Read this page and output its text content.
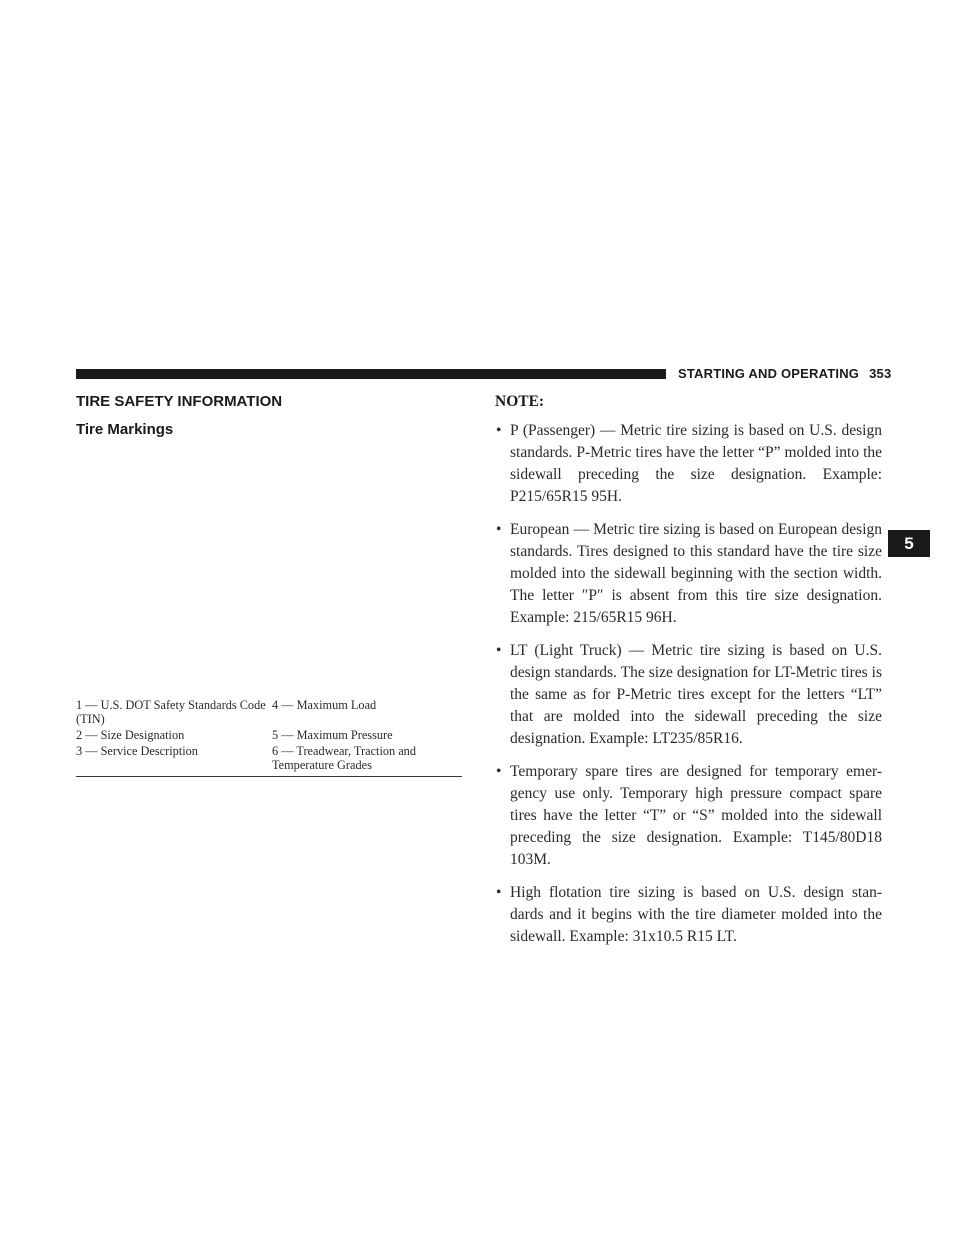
STARTING AND OPERATING 353
5
TIRE SAFETY INFORMATION
Tire Markings
1 — U.S. DOT Safety Standards Code (TIN)
4 — Maximum Load
2 — Size Designation	5 — Maximum Pressure
3 — Service Description	6 — Treadwear, Traction and Temperature Grades
NOTE:
• P (Passenger) — Metric tire sizing is based on U.S. design standards. P-Metric tires have the letter “P” molded into the sidewall preceding the size designation. Example: P215/65R15 95H.
• European — Metric tire sizing is based on European design standards. Tires designed to this standard have the tire size molded into the sidewall beginning with the section width. The letter ″P″ is absent from this tire size designation. Example: 215/65R15 96H.
• LT (Light Truck) — Metric tire sizing is based on U.S. design standards. The size designation for LT-Metric tires is the same as for P-Metric tires except for the letters “LT” that are molded into the sidewall preceding the size designation. Example: LT235/85R16.
• Temporary spare tires are designed for temporary emer- gency use only. Temporary high pressure compact spare tires have the letter “T” or “S” molded into the sidewall preceding the size designation. Example: T145/80D18 103M.
• High flotation tire sizing is based on U.S. design stan- dards and it begins with the tire diameter molded into the sidewall. Example: 31x10.5 R15 LT.
